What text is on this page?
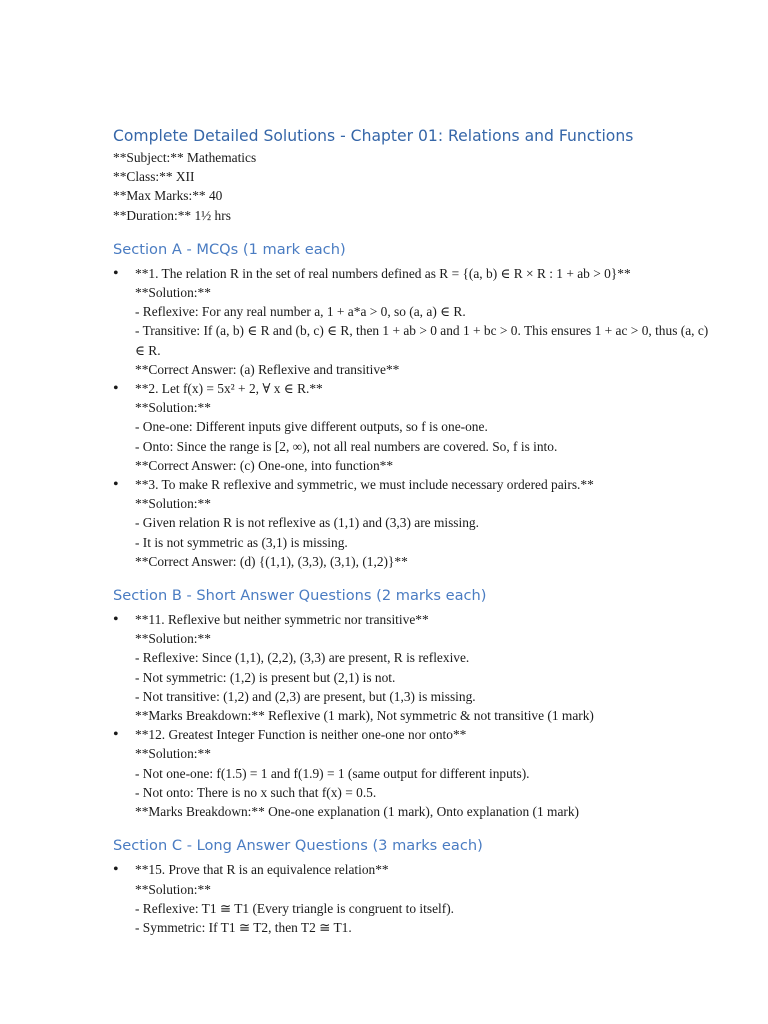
Complete Detailed Solutions - Chapter 01: Relations and Functions

**Subject:** Mathematics

**Class:** XII

**Max Marks:** 40

**Duration:** 1½ hrs

Section A - MCQs (1 mark each)
• **1. The relation R in the set of real numbers defined as R = {(a, b) ∈ R × R : 1 + ab > 0}**
**Solution:**
- Reflexive: For any real number a, 1 + a*a > 0, so (a, a) ∈ R.
- Transitive: If (a, b) ∈ R and (b, c) ∈ R, then 1 + ab > 0 and 1 + bc > 0. This ensures 1 + ac > 0, thus (a, c) ∈ R.
**Correct Answer: (a) Reflexive and transitive**
• **2. Let f(x) = 5x² + 2, ∀ x ∈ R.**
**Solution:**
- One-one: Different inputs give different outputs, so f is one-one.
- Onto: Since the range is [2, ∞), not all real numbers are covered. So, f is into.
**Correct Answer: (c) One-one, into function**
• **3. To make R reflexive and symmetric, we must include necessary ordered pairs.**
**Solution:**
- Given relation R is not reflexive as (1,1) and (3,3) are missing.
- It is not symmetric as (3,1) is missing.
**Correct Answer: (d) {(1,1), (3,3), (3,1), (1,2)}**
Section B - Short Answer Questions (2 marks each)
• **11. Reflexive but neither symmetric nor transitive**
**Solution:**
- Reflexive: Since (1,1), (2,2), (3,3) are present, R is reflexive.
- Not symmetric: (1,2) is present but (2,1) is not.
- Not transitive: (1,2) and (2,3) are present, but (1,3) is missing.
**Marks Breakdown:** Reflexive (1 mark), Not symmetric & not transitive (1 mark)
• **12. Greatest Integer Function is neither one-one nor onto**
**Solution:**
- Not one-one: f(1.5) = 1 and f(1.9) = 1 (same output for different inputs).
- Not onto: There is no x such that f(x) = 0.5.
**Marks Breakdown:** One-one explanation (1 mark), Onto explanation (1 mark)
Section C - Long Answer Questions (3 marks each)
• **15. Prove that R is an equivalence relation**
**Solution:**
- Reflexive: T1 ≅ T1 (Every triangle is congruent to itself).
- Symmetric: If T1 ≅ T2, then T2 ≅ T1.
